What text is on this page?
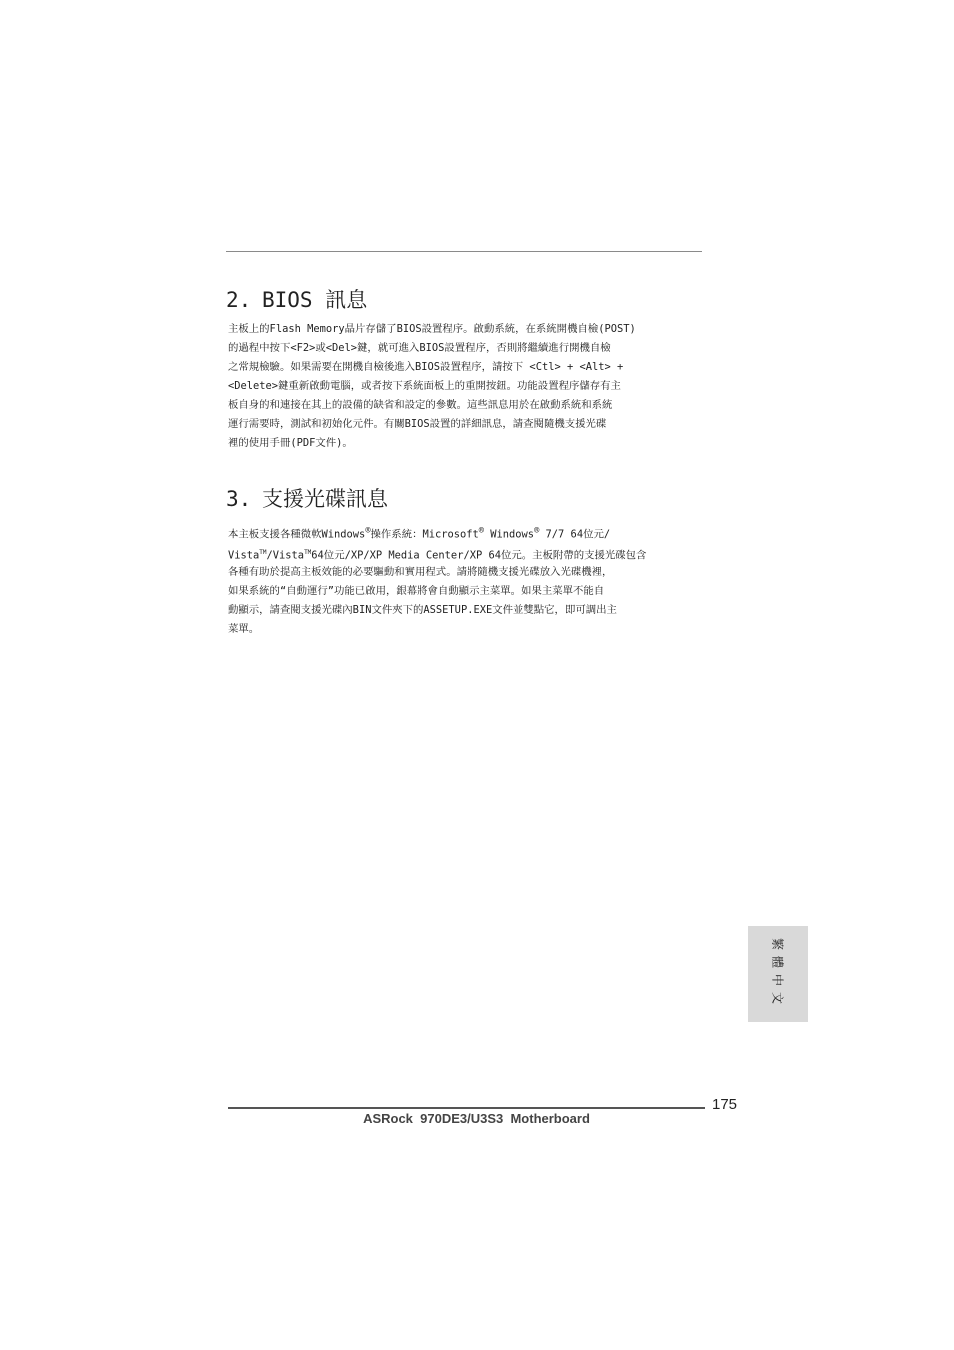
2. BIOS 訊息
主板上的Flash Memory晶片存儲了BIOS設置程序。啟動系統，在系統開機自檢(POST)
的過程中按下<F2>或<Del>鍵，就可進入BIOS設置程序，否則將繼續進行開機自檢
之常規檢驗。如果需要在開機自檢後進入BIOS設置程序，請按下 <Ctl> + <Alt> +
<Delete>鍵重新啟動電腦，或者按下系統面板上的重開按鈕。功能設置程序儲存有主
板自身的和連接在其上的設備的缺省和設定的參數。這些訊息用於在啟動系統和系統
運行需要時，測試和初始化元件。有關BIOS設置的詳細訊息，請查閱隨機支援光碟
裡的使用手冊(PDF文件)。
3. 支援光碟訊息
本主板支援各種微軟Windows®操作系統：Microsoft® Windows® 7/7 64位元/
Vista™/Vista™64位元/XP/XP Media Center/XP 64位元。主板附帶的支援光碟包含
各種有助於提高主板效能的必要驅動和實用程式。請將隨機支援光碟放入光碟機裡，
如果系統的“自動運行”功能已啟用，銀幕將會自動顯示主菜單。如果主菜單不能自
動顯示，請查閱支援光碟內BIN文件夾下的ASSETUP.EXE文件並雙點它，即可調出主
菜單。
繁體中文
175
ASRock  970DE3/U3S3  Motherboard
